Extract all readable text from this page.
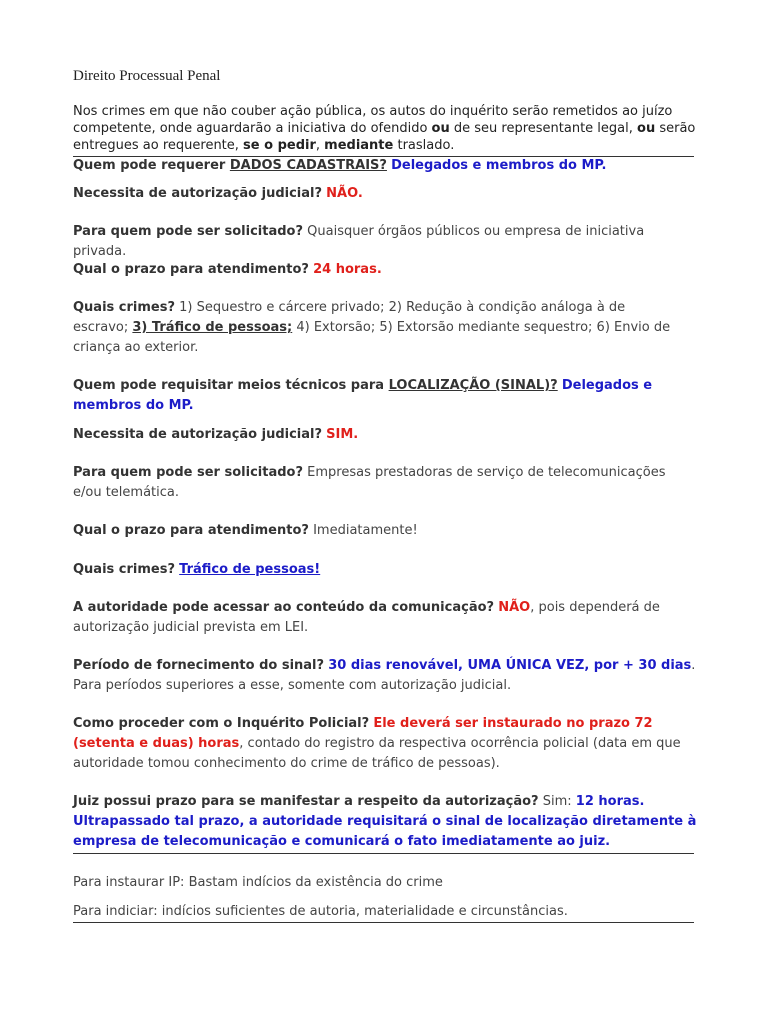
Direito Processual Penal
Nos crimes em que não couber ação pública, os autos do inquérito serão remetidos ao juízo competente, onde aguardarão a iniciativa do ofendido ou de seu representante legal, ou serão entregues ao requerente, se o pedir, mediante traslado.
Quem pode requerer DADOS CADASTRAIS? Delegados e membros do MP.
Necessita de autorização judicial? NÃO.
Para quem pode ser solicitado? Quaisquer órgãos públicos ou empresa de iniciativa privada.
Qual o prazo para atendimento? 24 horas.
Quais crimes? 1) Sequestro e cárcere privado; 2) Redução à condição análoga à de escravo; 3) Tráfico de pessoas; 4) Extorsão; 5) Extorsão mediante sequestro; 6) Envio de criança ao exterior.
Quem pode requisitar meios técnicos para LOCALIZAÇÃO (SINAL)? Delegados e membros do MP.
Necessita de autorização judicial? SIM.
Para quem pode ser solicitado? Empresas prestadoras de serviço de telecomunicações e/ou telemática.
Qual o prazo para atendimento? Imediatamente!
Quais crimes? Tráfico de pessoas!
A autoridade pode acessar ao conteúdo da comunicação? NÃO, pois dependerá de autorização judicial prevista em LEI.
Período de fornecimento do sinal? 30 dias renovável, UMA ÚNICA VEZ, por + 30 dias. Para períodos superiores a esse, somente com autorização judicial.
Como proceder com o Inquérito Policial? Ele deverá ser instaurado no prazo 72 (setenta e duas) horas, contado do registro da respectiva ocorrência policial (data em que autoridade tomou conhecimento do crime de tráfico de pessoas).
Juiz possui prazo para se manifestar a respeito da autorização? Sim: 12 horas. Ultrapassado tal prazo, a autoridade requisitará o sinal de localização diretamente à empresa de telecomunicação e comunicará o fato imediatamente ao juiz.
Para instaurar IP: Bastam indícios da existência do crime
Para indiciar: indícios suficientes de autoria, materialidade e circunstâncias.
